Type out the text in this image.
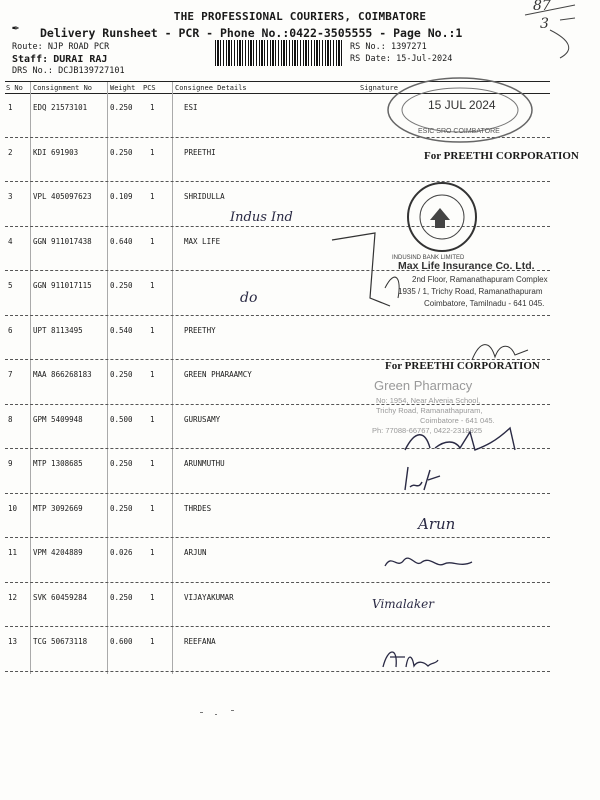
87
3
✒
THE PROFESSIONAL COURIERS, COIMBATORE
Delivery Runsheet - PCR - Phone No.:0422-3505555 - Page No.:1
Route: NJP ROAD PCR
Staff: DURAI RAJ
DRS No.: DCJB139727101
RS No.: 1397271
RS Date: 15-Jul-2024
S No Consignment No	Weight PCS	Consignee Details	Signature
1	EDQ 21573101	0.250 1	ESI
2	KDI 691903	0.250 1	PREETHI
3	VPL 405097623 0.109 1	SHRIDULLA
4	GGN 911017438 0.640 1	MAX LIFE
5	GGN 911017115 0.250 1
6	UPT 8113495	0.540 1	PREETHY
7	MAA 866268183 0.250 1	GREEN PHARAAMCY
8	GPM 5409948	0.500 1	GURUSAMY
9	MTP 1308685	0.250 1	ARUNMUTHU
10 MTP 3092669	0.250 1	THRDES
11 VPM 4204889	0.026 1	ARJUN
12 SVK 60459284	0.250 1	VIJAYAKUMAR
13 TCG 50673118	0.600 1	REEFANA
Indus Ind
do
15 JUL 2024
ESIC SRO COIMBATORE
For PREETHI CORPORATION
INDUSIND BANK LIMITED
Max Life Insurance Co. Ltd.
2nd Floor, Ramanathapuram Complex
1935 / 1, Trichy Road, Ramanathapuram
Coimbatore, Tamilnadu - 641 045.
For PREETHI CORPORATION
Green Pharmacy
No: 1954, Near Alvenia School,
Trichy Road, Ramanathapuram,
Coimbatore - 641 045.
Ph: 77088-66767, 0422-2318925
Arun
Vimalaker
